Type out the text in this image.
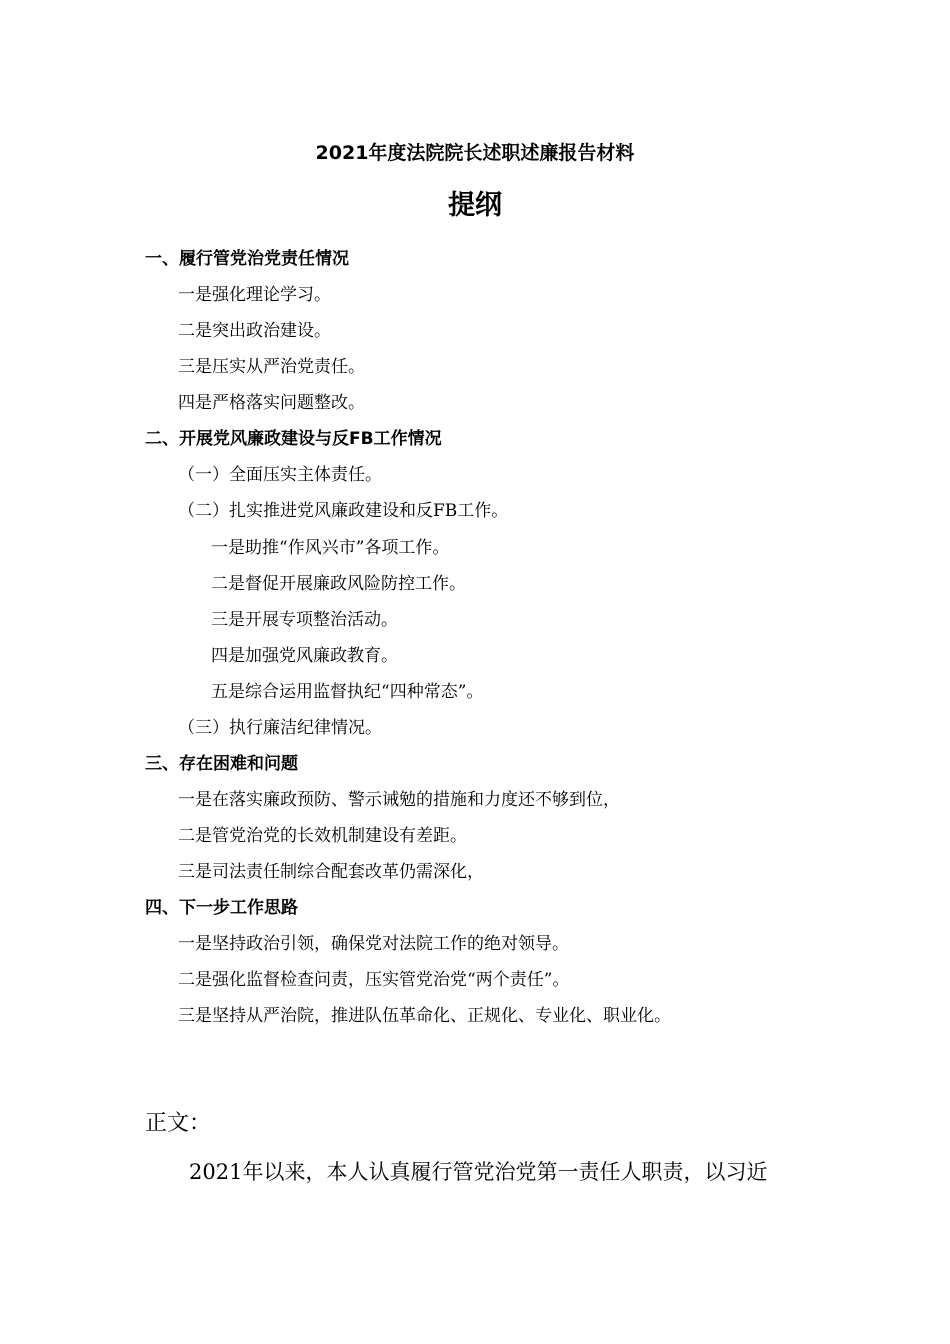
2021年度法院院长述职述廉报告材料
提纲
一、履行管党治党责任情况
一是强化理论学习。
二是突出政治建设。
三是压实从严治党责任。
四是严格落实问题整改。
二、开展党风廉政建设与反FB工作情况
（一）全面压实主体责任。
（二）扎实推进党风廉政建设和反FB工作。
一是助推“作风兴市”各项工作。
二是督促开展廉政风险防控工作。
三是开展专项整治活动。
四是加强党风廉政教育。
五是综合运用监督执纪“四种常态”。
（三）执行廉洁纪律情况。
三、存在困难和问题
一是在落实廉政预防、警示诫勉的措施和力度还不够到位，
二是管党治党的长效机制建设有差距。
三是司法责任制综合配套改革仍需深化，
四、下一步工作思路
一是坚持政治引领，确保党对法院工作的绝对领导。
二是强化监督检查问责，压实管党治党“两个责任”。
三是坚持从严治院，推进队伍革命化、正规化、专业化、职业化。
正文：
2021年以来，本人认真履行管党治党第一责任人职责，以习近
